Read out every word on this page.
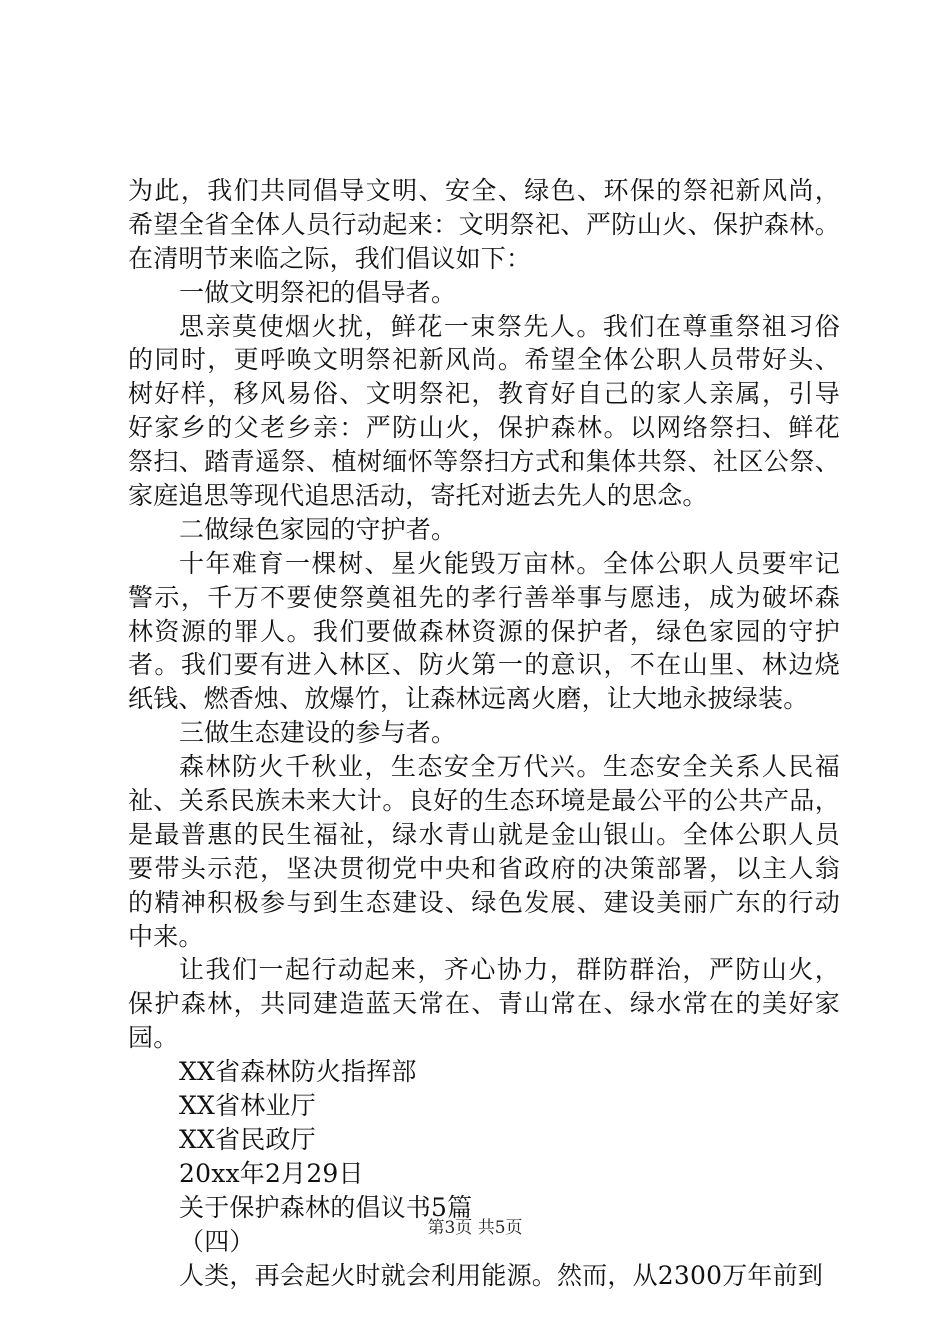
为此，我们共同倡导文明、安全、绿色、环保的祭祀新风尚，
希望全省全体人员行动起来：文明祭祀、严防山火、保护森林。
在清明节来临之际，我们倡议如下：
一做文明祭祀的倡导者。
思亲莫使烟火扰，鲜花一束祭先人。我们在尊重祭祖习俗
的同时，更呼唤文明祭祀新风尚。希望全体公职人员带好头、
树好样，移风易俗、文明祭祀，教育好自己的家人亲属，引导
好家乡的父老乡亲：严防山火，保护森林。以网络祭扫、鲜花
祭扫、踏青遥祭、植树缅怀等祭扫方式和集体共祭、社区公祭、
家庭追思等现代追思活动，寄托对逝去先人的思念。
二做绿色家园的守护者。
十年难育一棵树、星火能毁万亩林。全体公职人员要牢记
警示，千万不要使祭奠祖先的孝行善举事与愿违，成为破坏森
林资源的罪人。我们要做森林资源的保护者，绿色家园的守护
者。我们要有进入林区、防火第一的意识，不在山里、林边烧
纸钱、燃香烛、放爆竹，让森林远离火磨，让大地永披绿装。
三做生态建设的参与者。
森林防火千秋业，生态安全万代兴。生态安全关系人民福
祉、关系民族未来大计。良好的生态环境是最公平的公共产品，
是最普惠的民生福祉，绿水青山就是金山银山。全体公职人员
要带头示范，坚决贯彻党中央和省政府的决策部署，以主人翁
的精神积极参与到生态建设、绿色发展、建设美丽广东的行动
中来。
让我们一起行动起来，齐心协力，群防群治，严防山火，
保护森林，共同建造蓝天常在、青山常在、绿水常在的美好家
园。
XX省森林防火指挥部
XX省林业厅
XX省民政厅
20xx年2月29日
关于保护森林的倡议书5篇
（四）
人类，再会起火时就会利用能源。然而，从2300万年前到
第3页 共5页
